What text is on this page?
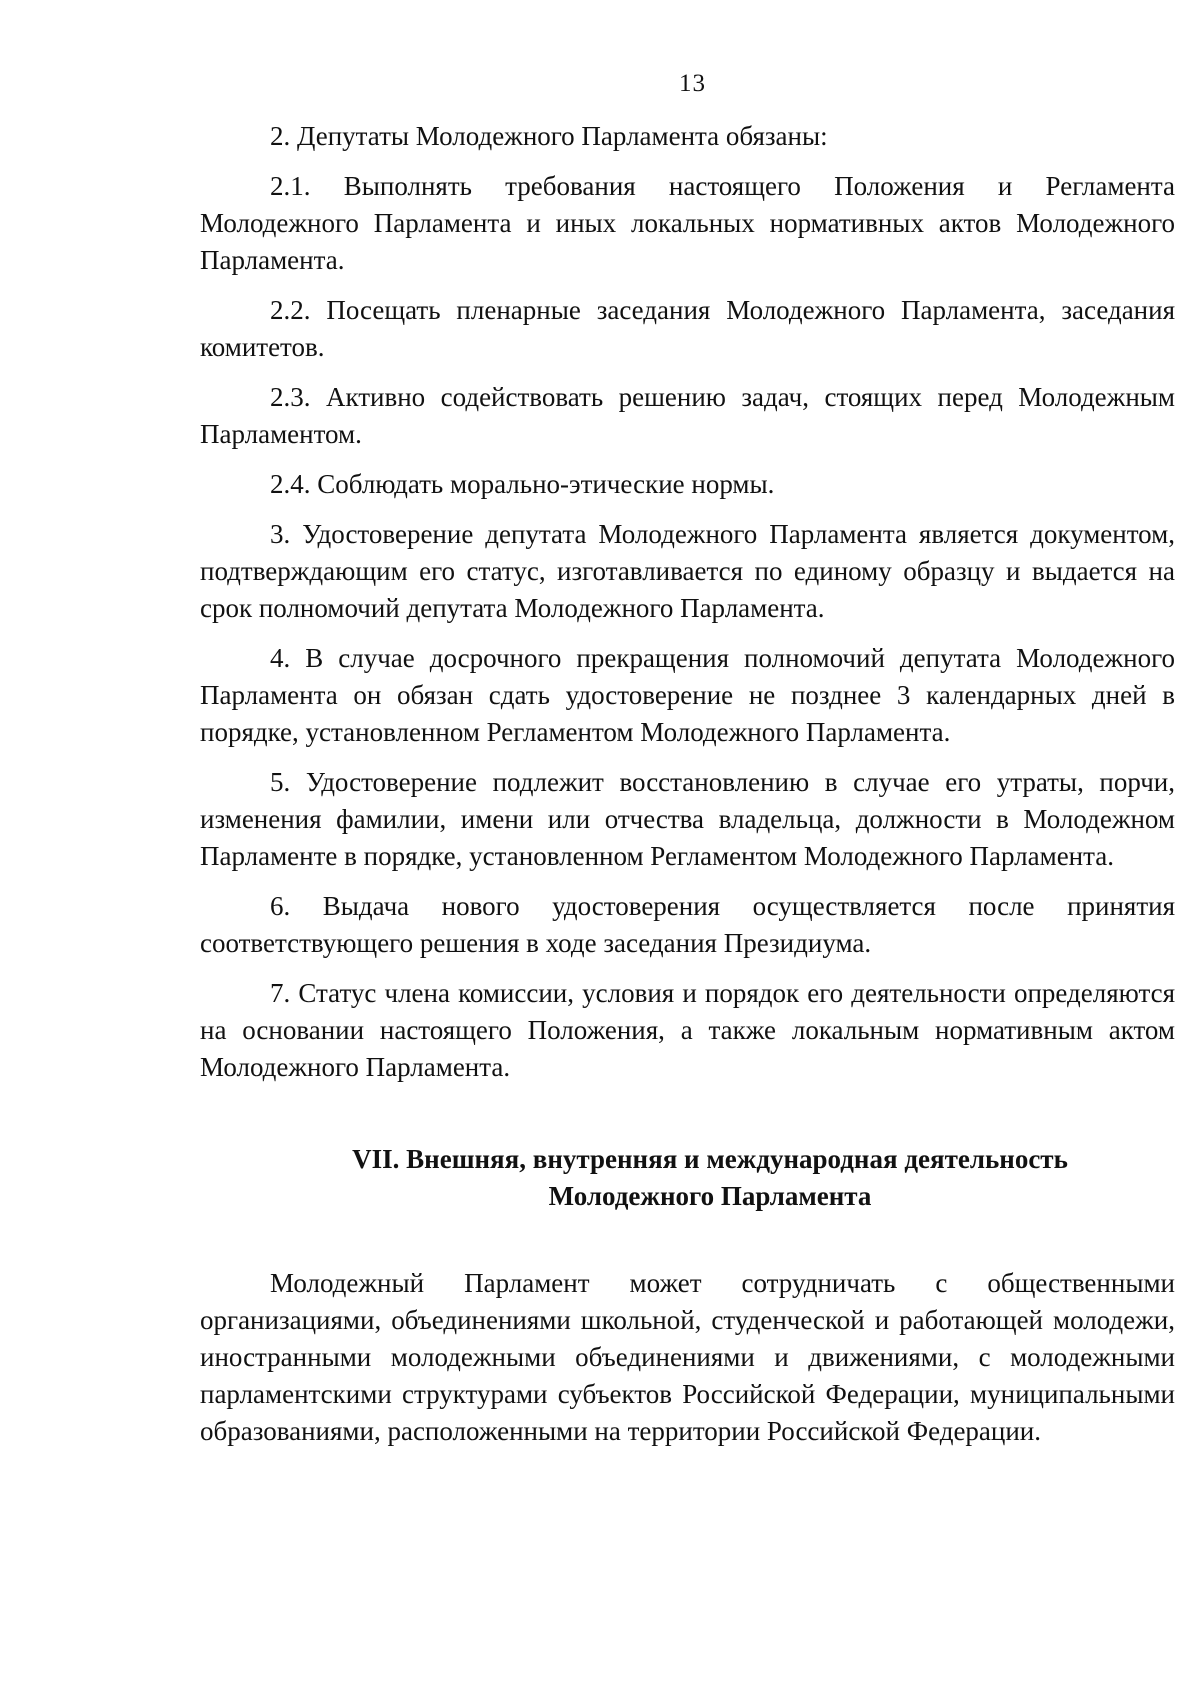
13

2. Депутаты Молодежного Парламента обязаны:

2.1. Выполнять требования настоящего Положения и Регламента Молодежного Парламента и иных локальных нормативных актов Молодежного Парламента.

2.2. Посещать пленарные заседания Молодежного Парламента, заседания комитетов.

2.3. Активно содействовать решению задач, стоящих перед Молодежным Парламентом.

2.4. Соблюдать морально-этические нормы.

3. Удостоверение депутата Молодежного Парламента является документом, подтверждающим его статус, изготавливается по единому образцу и выдается на срок полномочий депутата Молодежного Парламента.

4. В случае досрочного прекращения полномочий депутата Молодежного Парламента он обязан сдать удостоверение не позднее 3 календарных дней в порядке, установленном Регламентом Молодежного Парламента.

5. Удостоверение подлежит восстановлению в случае его утраты, порчи, изменения фамилии, имени или отчества владельца, должности в Молодежном Парламенте в порядке, установленном Регламентом Молодежного Парламента.

6. Выдача нового удостоверения осуществляется после принятия соответствующего решения в ходе заседания Президиума.

7. Статус члена комиссии, условия и порядок его деятельности определяются на основании настоящего Положения, а также локальным нормативным актом Молодежного Парламента.

VII. Внешняя, внутренняя и международная деятельность
Молодежного Парламента

Молодежный Парламент может сотрудничать с общественными организациями, объединениями школьной, студенческой и работающей молодежи, иностранными молодежными объединениями и движениями, с молодежными парламентскими структурами субъектов Российской Федерации, муниципальными образованиями, расположенными на территории Российской Федерации.
